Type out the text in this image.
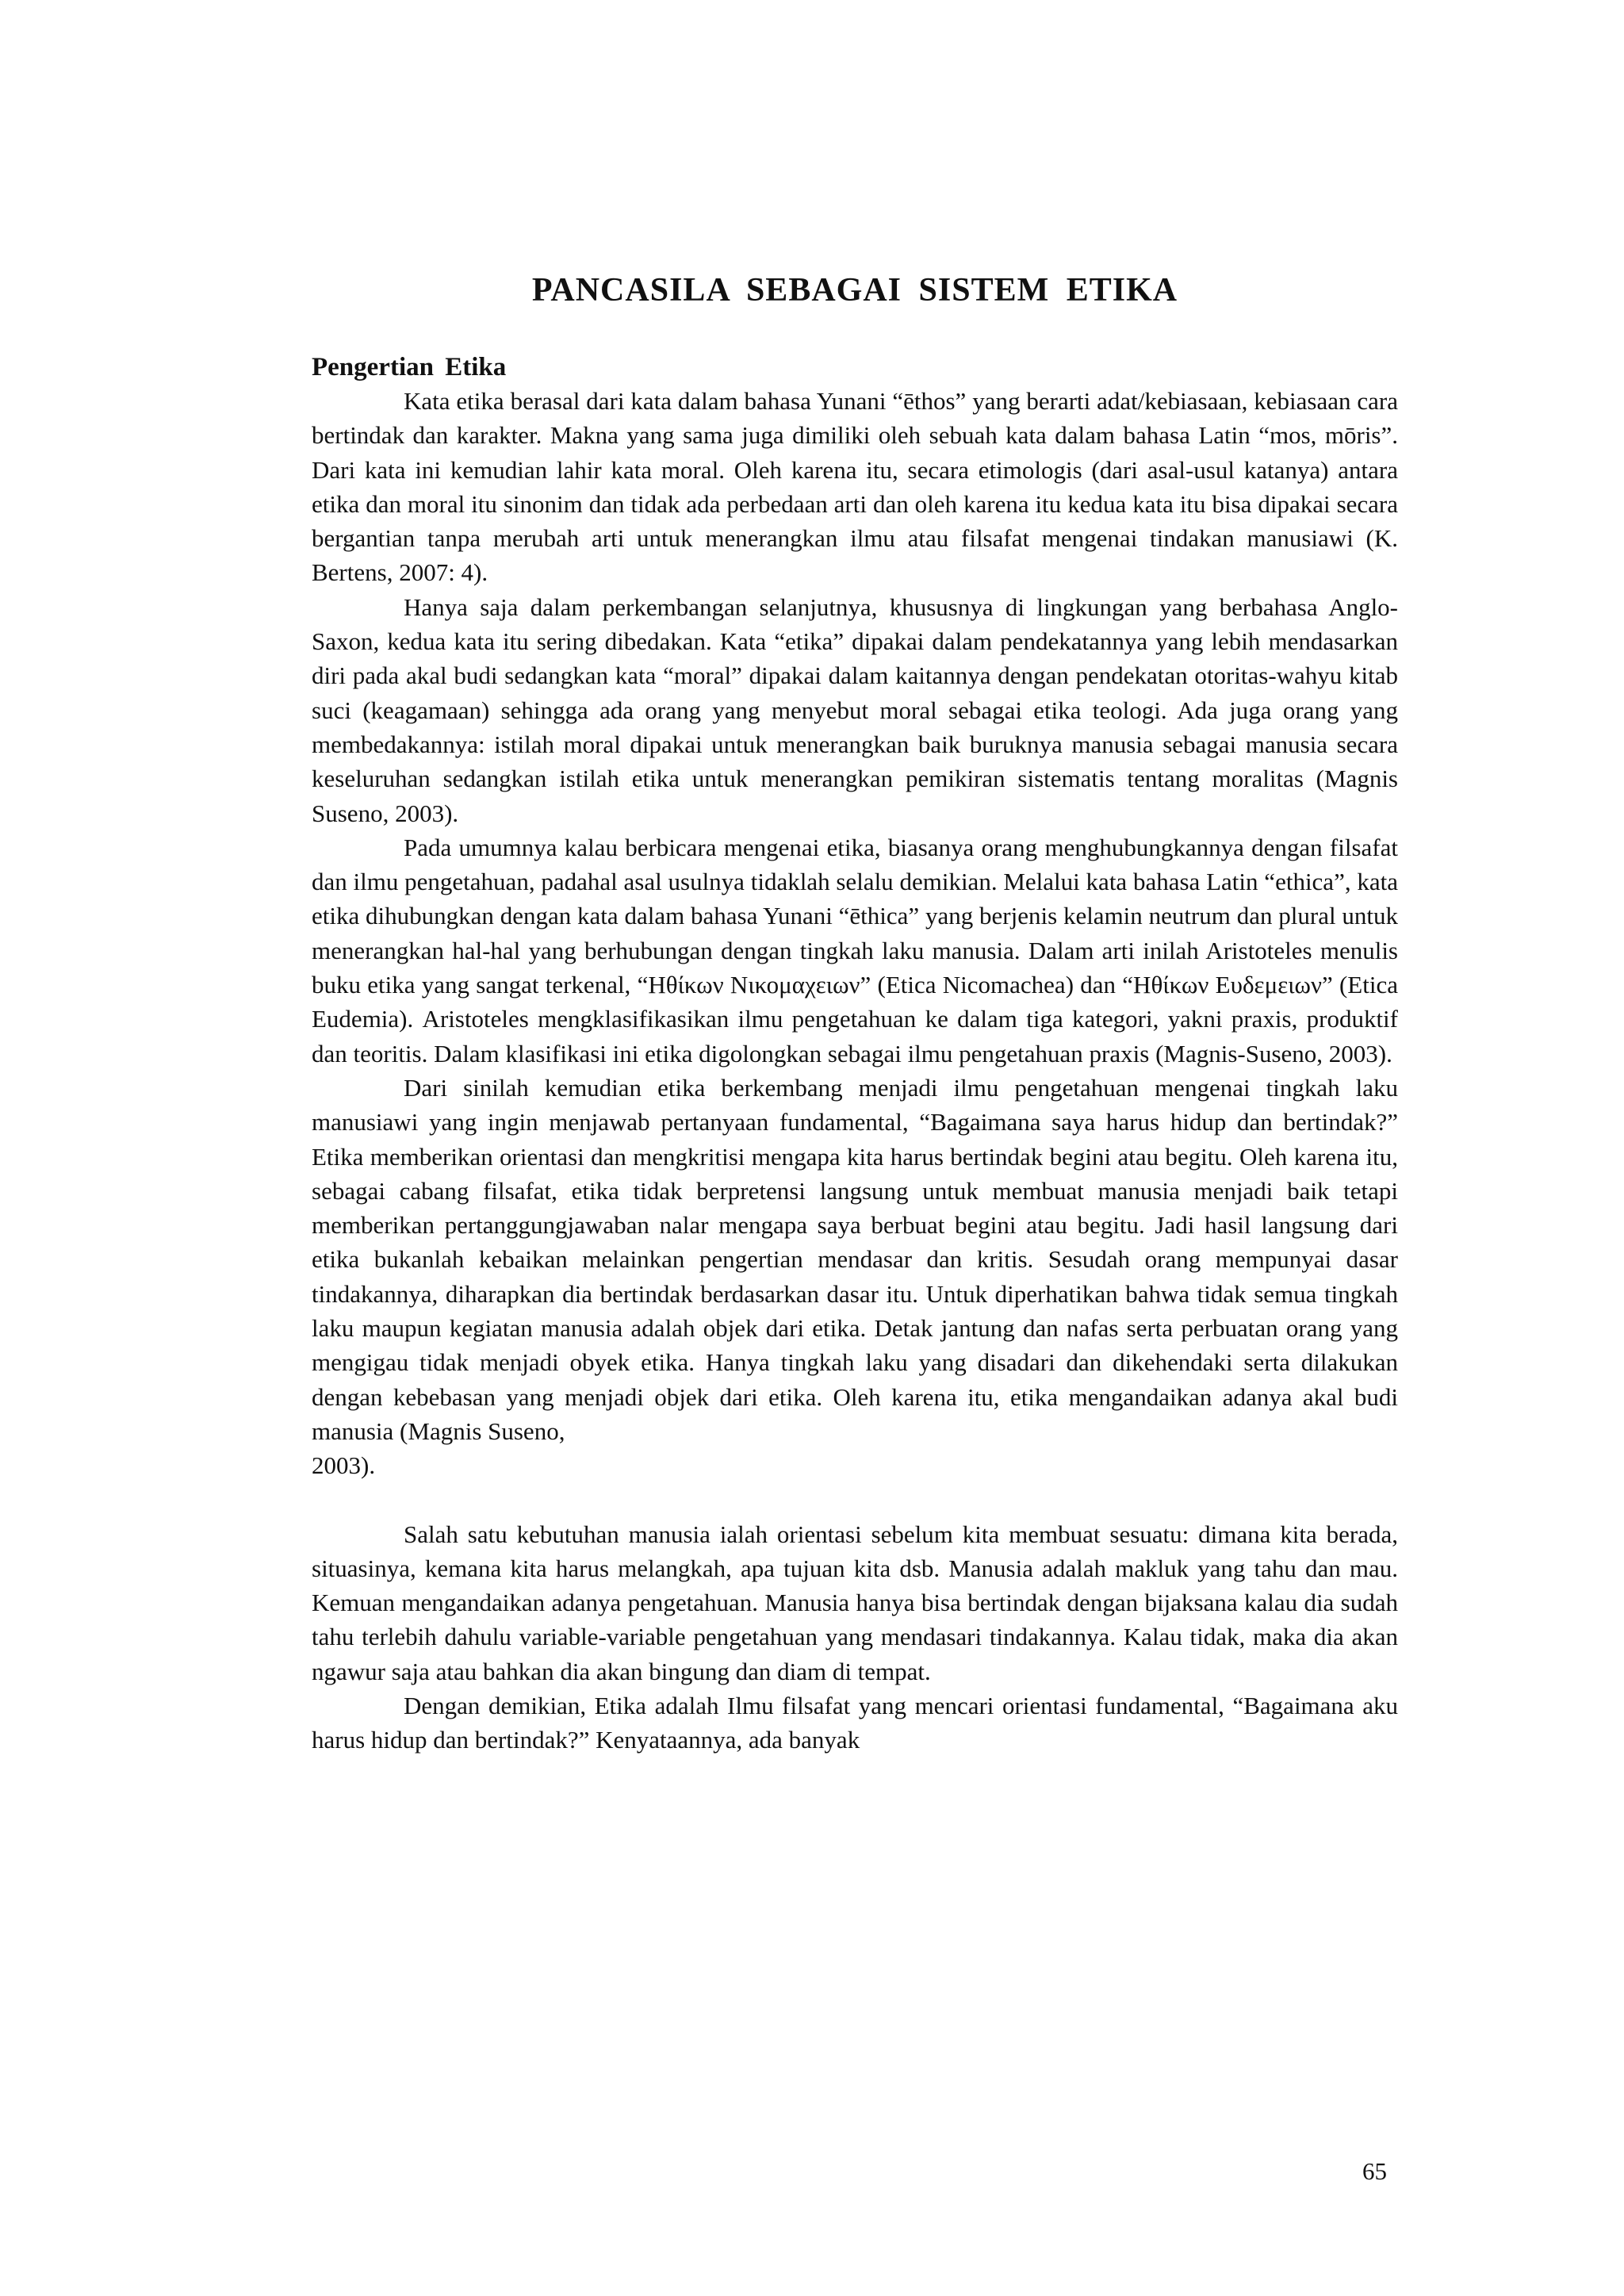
PANCASILA SEBAGAI SISTEM ETIKA
Pengertian Etika

Kata etika berasal dari kata dalam bahasa Yunani “ēthos” yang berarti adat/kebiasaan, kebiasaan cara bertindak dan karakter. Makna yang sama juga dimiliki oleh sebuah kata dalam bahasa Latin “mos, mōris”. Dari kata ini kemudian lahir kata moral. Oleh karena itu, secara etimologis (dari asal-usul katanya) antara etika dan moral itu sinonim dan tidak ada perbedaan arti dan oleh karena itu kedua kata itu bisa dipakai secara bergantian tanpa merubah arti untuk menerangkan ilmu atau filsafat mengenai tindakan manusiawi (K. Bertens, 2007: 4).

Hanya saja dalam perkembangan selanjutnya, khususnya di lingkungan yang berbahasa Anglo-Saxon, kedua kata itu sering dibedakan. Kata “etika” dipakai dalam pendekatannya yang lebih mendasarkan diri pada akal budi sedangkan kata “moral” dipakai dalam kaitannya dengan pendekatan otoritas-wahyu kitab suci (keagamaan) sehingga ada orang yang menyebut moral sebagai etika teologi. Ada juga orang yang membedakannya: istilah moral dipakai untuk menerangkan baik buruknya manusia sebagai manusia secara keseluruhan sedangkan istilah etika untuk menerangkan pemikiran sistematis tentang moralitas (Magnis Suseno, 2003).

Pada umumnya kalau berbicara mengenai etika, biasanya orang menghubungkannya dengan filsafat dan ilmu pengetahuan, padahal asal usulnya tidaklah selalu demikian. Melalui kata bahasa Latin “ethica”, kata etika dihubungkan dengan kata dalam bahasa Yunani “ēthica” yang berjenis kelamin neutrum dan plural untuk menerangkan hal-hal yang berhubungan dengan tingkah laku manusia. Dalam arti inilah Aristoteles menulis buku etika yang sangat terkenal, “Ηθίκων Νικομαχειων” (Etica Nicomachea) dan “Ηθίκων Ευδεμειων” (Etica Eudemia). Aristoteles mengklasifikasikan ilmu pengetahuan ke dalam tiga kategori, yakni praxis, produktif dan teoritis. Dalam klasifikasi ini etika digolongkan sebagai ilmu pengetahuan praxis (Magnis-Suseno, 2003).

Dari sinilah kemudian etika berkembang menjadi ilmu pengetahuan mengenai tingkah laku manusiawi yang ingin menjawab pertanyaan fundamental, “Bagaimana saya harus hidup dan bertindak?” Etika memberikan orientasi dan mengkritisi mengapa kita harus bertindak begini atau begitu. Oleh karena itu, sebagai cabang filsafat, etika tidak berpretensi langsung untuk membuat manusia menjadi baik tetapi memberikan pertanggungjawaban nalar mengapa saya berbuat begini atau begitu. Jadi hasil langsung dari etika bukanlah kebaikan melainkan pengertian mendasar dan kritis. Sesudah orang mempunyai dasar tindakannya, diharapkan dia bertindak berdasarkan dasar itu. Untuk diperhatikan bahwa tidak semua tingkah laku maupun kegiatan manusia adalah objek dari etika. Detak jantung dan nafas serta perbuatan orang yang mengigau tidak menjadi obyek etika. Hanya tingkah laku yang disadari dan dikehendaki serta dilakukan dengan kebebasan yang menjadi objek dari etika. Oleh karena itu, etika mengandaikan adanya akal budi manusia (Magnis Suseno,

2003).

Salah satu kebutuhan manusia ialah orientasi sebelum kita membuat sesuatu: dimana kita berada, situasinya, kemana kita harus melangkah, apa tujuan kita dsb. Manusia adalah makluk yang tahu dan mau. Kemuan mengandaikan adanya pengetahuan. Manusia hanya bisa bertindak dengan bijaksana kalau dia sudah tahu terlebih dahulu variable-variable pengetahuan yang mendasari tindakannya. Kalau tidak, maka dia akan ngawur saja atau bahkan dia akan bingung dan diam di tempat.

Dengan demikian, Etika adalah Ilmu filsafat yang mencari orientasi fundamental, “Bagaimana aku harus hidup dan bertindak?” Kenyataannya, ada banyak

65
